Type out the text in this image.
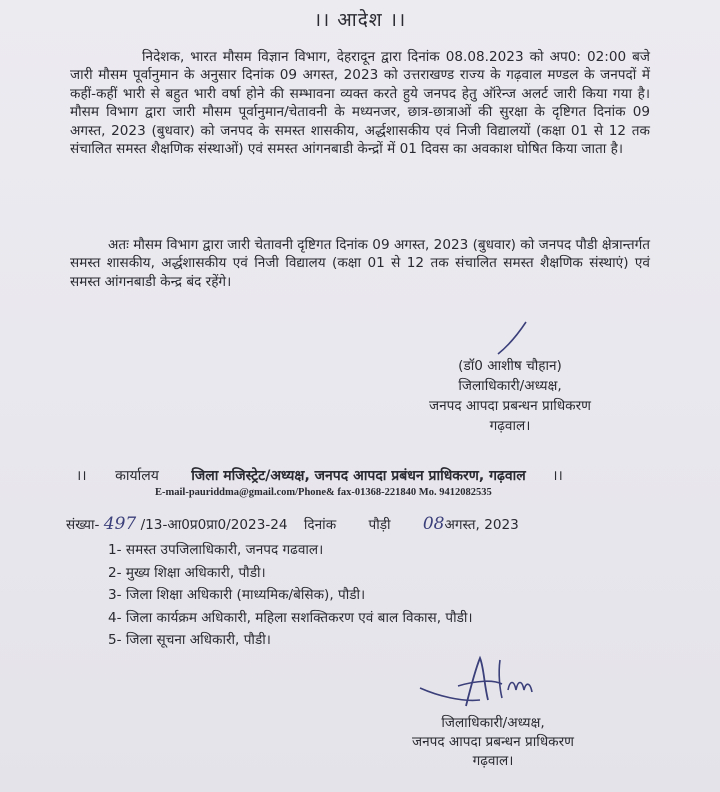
।। आदेश ।।

निदेशक, भारत मौसम विज्ञान विभाग, देहरादून द्वारा दिनांक 08.08.2023 को अप0: 02:00 बजे जारी मौसम पूर्वानुमान के अनुसार दिनांक 09 अगस्त, 2023 को उत्तराखण्ड राज्य के गढ़वाल मण्डल के जनपदों में कहीं-कहीं भारी से बहुत भारी वर्षा होने की सम्भावना व्यक्त करते हुये जनपद हेतु ऑरेन्ज अलर्ट जारी किया गया है। मौसम विभाग द्वारा जारी मौसम पूर्वानुमान/चेतावनी के मध्यनजर, छात्र-छात्राओं की सुरक्षा के दृष्टिगत दिनांक 09 अगस्त, 2023 (बुधवार) को जनपद के समस्त शासकीय, अर्द्धशासकीय एवं निजी विद्यालयों (कक्षा 01 से 12 तक संचालित समस्त शैक्षणिक संस्थाओं) एवं समस्त आंगनबाडी केन्द्रों में 01 दिवस का अवकाश घोषित किया जाता है।

अतः मौसम विभाग द्वारा जारी चेतावनी दृष्टिगत दिनांक 09 अगस्त, 2023 (बुधवार) को जनपद पौडी क्षेत्रान्तर्गत समस्त शासकीय, अर्द्धशासकीय एवं निजी विद्यालय (कक्षा 01 से 12 तक संचालित समस्त शैक्षणिक संस्थाएं) एवं समस्त आंगनबाडी केन्द्र बंद रहेंगे।

(डॉ0 आशीष चौहान)
जिलाधिकारी/अध्यक्ष,
जनपद आपदा प्रबन्धन प्राधिकरण
गढ़वाल।
।। कार्यालय जिला मजिस्ट्रेट/अध्यक्ष, जनपद आपदा प्रबंधन प्राधिकरण, गढ़वाल ।।
E-mail-pauriddma@gmail.com/Phone& fax-01368-221840 Mo. 9412082535
संख्या- 497 /13-आ0प्र0प्रा0/2023-24 दिनांक पौड़ी 08अगस्त, 2023
1- समस्त उपजिलाधिकारी, जनपद गढवाल।
2- मुख्य शिक्षा अधिकारी, पौडी।
3- जिला शिक्षा अधिकारी (माध्यमिक/बेसिक), पौडी।
4- जिला कार्यक्रम अधिकारी, महिला सशक्तिकरण एवं बाल विकास, पौडी।
5- जिला सूचना अधिकारी, पौडी।
जिलाधिकारी/अध्यक्ष,
जनपद आपदा प्रबन्धन प्राधिकरण
गढ़वाल।
